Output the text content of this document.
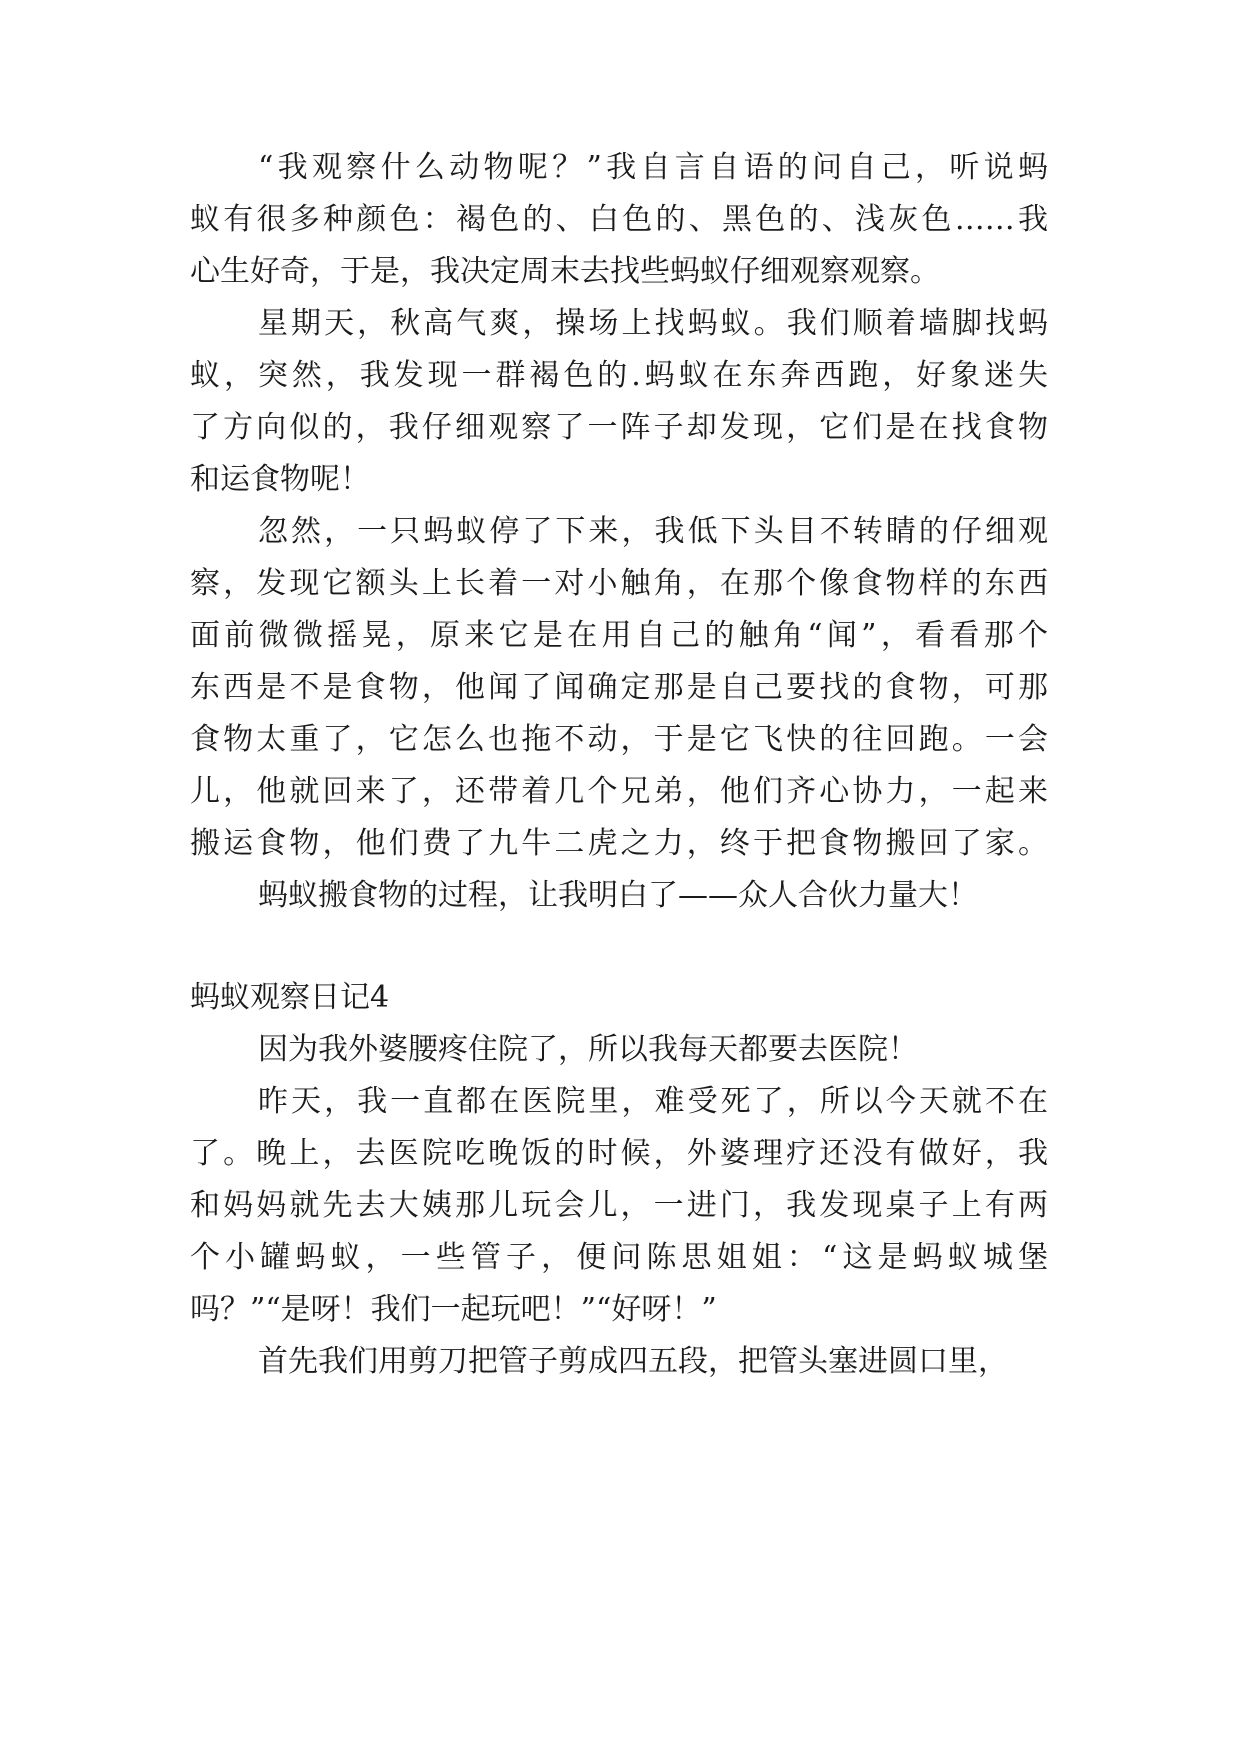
“我观察什么动物呢？”我自言自语的问自己，听说蚂

蚁有很多种颜色：褐色的、白色的、黑色的、浅灰色……我

心生好奇，于是，我决定周末去找些蚂蚁仔细观察观察。

星期天，秋高气爽，操场上找蚂蚁。我们顺着墙脚找蚂

蚁，突然，我发现一群褐色的.蚂蚁在东奔西跑，好象迷失

了方向似的，我仔细观察了一阵子却发现，它们是在找食物

和运食物呢！

忽然，一只蚂蚁停了下来，我低下头目不转睛的仔细观

察，发现它额头上长着一对小触角，在那个像食物样的东西

面前微微摇晃，原来它是在用自己的触角“闻”，看看那个

东西是不是食物，他闻了闻确定那是自己要找的食物，可那

食物太重了，它怎么也拖不动，于是它飞快的往回跑。一会

儿，他就回来了，还带着几个兄弟，他们齐心协力，一起来

搬运食物，他们费了九牛二虎之力，终于把食物搬回了家。

蚂蚁搬食物的过程，让我明白了——众人合伙力量大！

蚂蚁观察日记4

因为我外婆腰疼住院了，所以我每天都要去医院！

昨天，我一直都在医院里，难受死了，所以今天就不在

了。晚上，去医院吃晚饭的时候，外婆理疗还没有做好，我

和妈妈就先去大姨那儿玩会儿，一进门，我发现桌子上有两

个小罐蚂蚁，一些管子，便问陈思姐姐：“这是蚂蚁城堡

吗？”“是呀！我们一起玩吧！”“好呀！”

首先我们用剪刀把管子剪成四五段，把管头塞进圆口里，
